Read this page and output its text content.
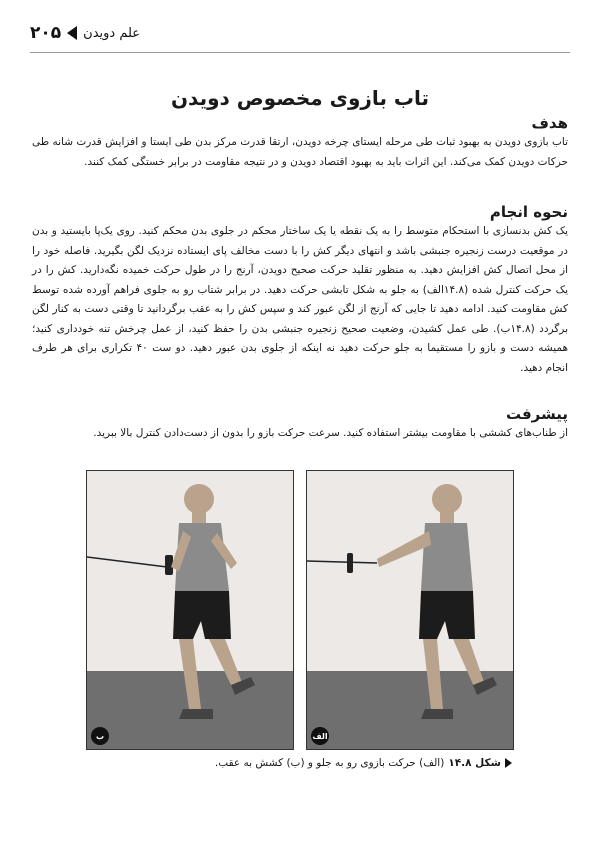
۲۰۵ علم دویدن
تاب بازوی مخصوص دویدن
هدف

تاب بازوی دویدن به بهبود ثبات طی مرحله ایستای چرخه دویدن، ارتقا قدرت مرکز بدن طی ایستا و افزایش قدرت شانه طی حرکات دویدن کمک می‌کند. این اثرات باید به بهبود اقتصاد دویدن و در نتیجه مقاومت در برابر خستگی کمک کنند.

نحوه انجام

یک کش بدنسازی با استحکام متوسط را به یک نقطه یا یک ساختار محکم در جلوی بدن محکم کنید. روی یک‌پا بایستید و بدن در موقعیت درست زنجیره جنبشی باشد و انتهای دیگر کش را با دست مخالف پای ایستاده نزدیک لگن بگیرید. فاصله خود را از محل اتصال کش افزایش دهید. به منظور تقلید حرکت صحیح دویدن، آرنج را در طول حرکت خمیده نگه‌دارید. کش را در یک حرکت کنترل شده (۱۴.۸الف) به جلو به شکل تابشی حرکت دهید. در برابر شتاب رو به جلوی فراهم آورده شده توسط کش مقاومت کنید. ادامه دهید تا جایی که آرنج از لگن عبور کند و سپس کش را به عقب برگردانید تا وقتی دست به کنار لگن برگردد (۱۴.۸ب). طی عمل کشیدن، وضعیت صحیح زنجیره جنبشی بدن را حفظ کنید، از عمل چرخش تنه خودداری کنید؛ همیشه دست و بازو را مستقیما به جلو حرکت دهید نه اینکه از جلوی بدن عبور دهید. دو ست ۴۰ تکراری برای هر طرف انجام دهید.

پیشرفت

از طناب‌های کششی با مقاومت بیشتر استفاده کنید. سرعت حرکت بازو را بدون از دست‌دادن کنترل بالا ببرید.

الف
ب

شکل ۱۴.۸
(الف) حرکت بازوی رو به جلو و (ب) کشش به عقب.
